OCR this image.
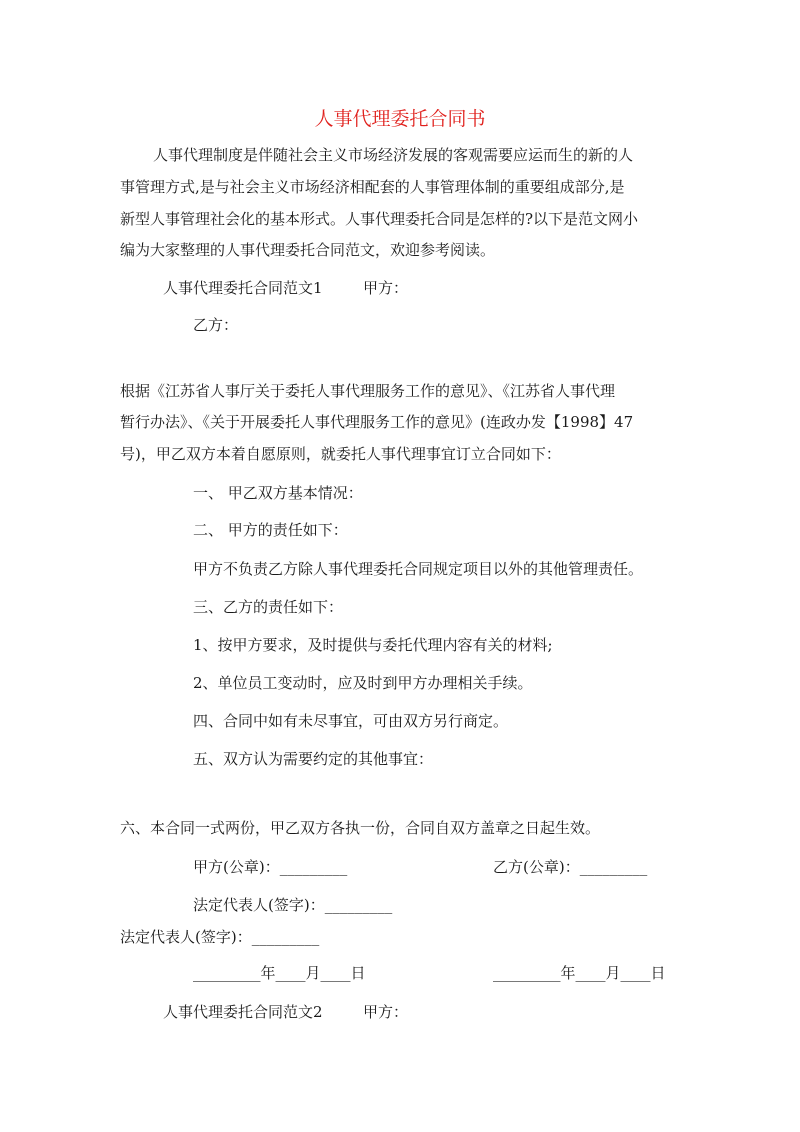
人事代理委托合同书
人事代理制度是伴随社会主义市场经济发展的客观需要应运而生的新的人
事管理方式,是与社会主义市场经济相配套的人事管理体制的重要组成部分,是
新型人事管理社会化的基本形式。人事代理委托合同是怎样的?以下是范文网小
编为大家整理的人事代理委托合同范文，欢迎参考阅读。
人事代理委托合同范文1	甲方：
乙方：
根据《江苏省人事厅关于委托人事代理服务工作的意见》、《江苏省人事代理
暂行办法》、《关于开展委托人事代理服务工作的意见》(连政办发【1998】47
号)，甲乙双方本着自愿原则，就委托人事代理事宜订立合同如下：
一、 甲乙双方基本情况：
二、 甲方的责任如下：
甲方不负责乙方除人事代理委托合同规定项目以外的其他管理责任。
三、乙方的责任如下：
1、按甲方要求，及时提供与委托代理内容有关的材料;
2、单位员工变动时，应及时到甲方办理相关手续。
四、合同中如有未尽事宜，可由双方另行商定。
五、双方认为需要约定的其他事宜：
六、本合同一式两份，甲乙双方各执一份，合同自双方盖章之日起生效。
甲方(公章)：_________	乙方(公章)：_________
法定代表人(签字)：_________
法定代表人(签字)：_________
_________年____月____日	_________年____月____日
人事代理委托合同范文2	甲方：
